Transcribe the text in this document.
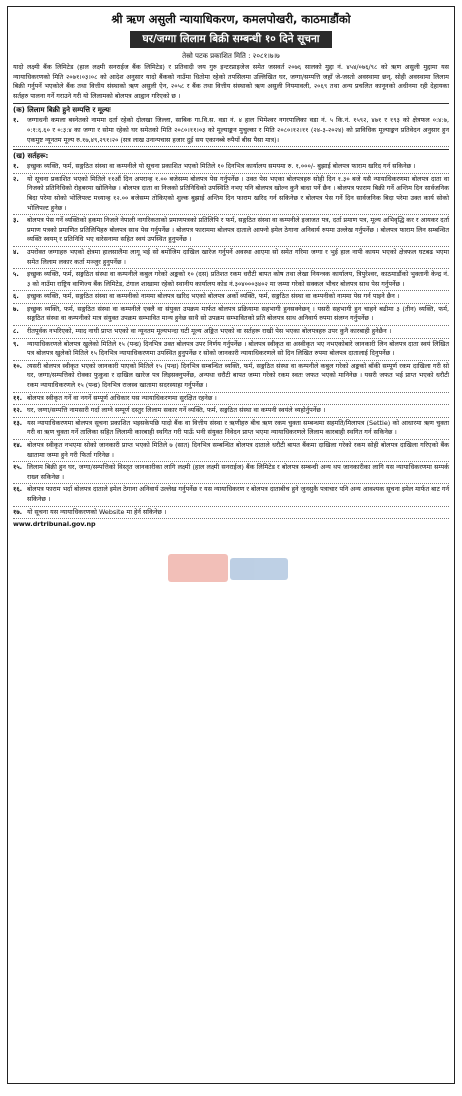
श्री ऋण असुली न्यायाधिकरण, कमलपोखरी, काठमाडौंको
घर/जग्गा लिलाम बिक्री सम्बन्धी १० दिने सूचना
तेस्रो पटक प्रकाशित मिति : २०८१।७।७

यादो लक्ष्मी बैंक लिमिटेड (हाल लक्ष्मी सनराईज बैंक लिमिटेड) र प्रतिवादी जय गुरु इन्टरप्राइजेज समेत जसवर्त २०७६ सालको मुद्दा नं. ४५४/०७६/९८ को ऋण असुली मुद्दामा यस न्यायाधिकरणको मिति २०७१।०३।०८ को आदेश अनुसार यादो बैंकको नाउँमा धितोमा रहेको तपसिलमा उल्लिखित घर, जग्गा/सम्पत्ति जहाँ जे-जस्तो अवस्थामा छन्, सोही अवस्थामा लिलाम बिक्री गर्नुपर्ने भएकोले बैंक तथा वित्तीय संस्थाको ऋण असुली ऐन, २०५८ र बैंक तथा वित्तीय संस्थाको ऋण असुली नियमावली, २०६९ तथा अन्य प्रचलित कानूनको अधीनमा रही देहायका सर्तहरु पालना गर्ने गराउने गरी यो लिलामको बोलपत्र आह्वान गरिएको छ ।

(क) लिलाम बिक्री हुने सम्पत्ति र मूल्यः
१.	जग्गाधनी कमला बस्नेतको नाममा दर्ता रहेको दोलखा जिल्ला, साबिक गा.वि.स. वडा नं. ४ हाल भिमेश्वर नगरपालिका वडा नं. ५ कि.नं. १५९२, ४७१ र १९३ को क्षेत्रफल ०:४:७, ०:१:६.६० र ०:३:४ का जग्गा र सोमा रहेको घर समेतको मिति २०८०।११।०३ को मूल्याङ्कन मुचुल्का र मिति २०८०।१२।११ (२४-३-२०२४) को प्राविधिक मूल्याङ्कन प्रतिवेदन अनुसार हुन एकमुष्ट न्यूनतम मूल्य रु.१७,४९,२९१।२० (सत्र लाख उनान्पचास हजार दुई सय एकानब्बे रुपैयाँ बीस पैसा मात्र)।
(ख) सर्तहरू:
१.	इच्छुक व्यक्ति, फर्म, सङ्गठित संस्था वा कम्पनीले यो सूचना प्रकाशित भएको मितिले १० दिनभित्र कार्यालय समयमा रु. १,०००/- बुझाई बोलपत्र फाराम खरिद गर्न सकिनेछ ।
२.	यो सूचना प्रकाशित भएको मितिले ११औं दिन अपरान्ह १.०० बजेसम्म बोलपत्र पेस गर्नुपर्नेछ । उक्त पेस भएका बोलपत्रहरु सोही दिन १.३० बजे यसै न्यायाधिकरणमा बोलपत्र दाता वा निजको प्रतिनिधिको रोहबरमा खोलिनेछ । बोलपत्र दाता वा निजको प्रतिनिधिको उपस्थिति नभए पनि बोलपत्र खोल्न कुनै बाधा पर्ने छैन । बोलपत्र फाराम बिक्री गर्ने अन्तिम दिन सार्वजनिक बिदा परेमा सोको भोलिपल्ट मध्यान्ह १२.०० बजेसम्म तोकिएको शुल्क बुझाई अन्तिम दिन फाराम खरिद गर्न सकिनेछ र बोलपत्र पेस गर्ने दिन सार्वजनिक बिदा परेमा उक्त कार्य सोको भोलिपल्ट हुनेछ ।
३.	बोलपत्र पेस गर्ने व्यक्तिको हकमा निजले नेपाली नागरिकताको प्रमाणपत्रको प्रतिलिपि र फर्म, सङ्गठित संस्था वा कम्पनीले इजाजत पत्र, दर्ता प्रमाण पत्र, मूल्य अभिवृद्धि कर र आयकर दर्ता प्रमाण पत्रको प्रमाणित प्रतिलिपिहरु बोलपत्र साथ पेस गर्नुपर्नेछ । बोलपत्र फाराममा बोलपत्र दाताले आफ्नो इमेल ठेगाना अनिवार्य रुपमा उल्लेख गर्नुपर्नेछ । बोलपत्र फाराम लिन सम्बन्धित व्यक्ति स्वयम् र प्रतिनिधि भए वारेसनामा सहित स्वयं उपस्थित हुनुपर्नेछ ।
४.	उपरोक्त जग्गाहरु भएको क्षेत्रमा हालसालैमा लागू भई सो बमोजिम दाखिल खारेज गर्नुपर्ने अवस्था आएमा सो समेत गरिमा जग्गा र भुई हाल नापी कायम भएको क्षेत्रफल घटबढ भएमा समेत लिलाम लकार कर्ता मञ्जुर हुनुपर्नेछ ।
५.	इच्छुक व्यक्ति, फर्म, सङ्गठित संस्था वा कम्पनीले कबुल गरेको अङ्कको १० (दस) प्रतिशत रकम धरौटी बापत कोष तथा लेखा नियन्त्रक कार्यालय, त्रिपुरेश्वर, काठमाडौंको भुक्तानी केन्द्र नं. ३ को नाउँमा राष्ट्रिय वाणिज्य बैंक लिमिटेड, टंगाल शाखामा रहेको स्थानीय कार्यालय कोड नं.३०४०००३४०२ मा जम्मा गरेको सक्कल भौचर बोलपत्र साथ पेस गर्नुपर्नेछ ।
६.	इच्छुक व्यक्ति, फर्म, सङ्गठित संस्था वा कम्पनीको नाममा बोलपत्र खरिद भएको बोलपत्र अर्को व्यक्ति, फर्म, सङ्गठित संस्था वा कम्पनीको नाममा पेस गर्न पाइने छैन ।
७.	इच्छुक व्यक्ति, फर्म, सङ्गठित संस्था वा कम्पनीले एक्लै वा संयुक्त उपक्रम मार्फत बोलपत्र प्रक्रियामा सहभागी हुनसक्नेछन् । यसरी सहभागी हुन चाहने बढीमा ३ (तीन) व्यक्ति, फर्म, सङ्गठित संस्था वा कम्पनीको मात्र संयुक्त उपक्रम सम्भावित मान्य हुनेछ साथै सो उपक्रम सम्भावितको प्रति बोलपत्र साथ अनिवार्य रुपमा संलग्न गर्नुपर्नेछ ।
८.	रीतपूर्वक नभरिएको, म्याद नाघी प्राप्त भएको वा न्यूनतम मूल्यभन्दा घटी मूल्य अङ्कित भएको वा सर्तहरू राखी पेस भएका बोलपत्रहरु उपर कुनै कारबाही हुनेछैन ।
९.	न्यायाधिकरणले बोलपत्र खुलेको मितिले १५ (पन्ध्र) दिनभित्र उक्त बोलपत्र उपर निर्णय गर्नुपर्नेछ । बोलपत्र स्वीकृत वा अस्वीकृत भए नभएकोबारे जानकारी लिन बोलपत्र दाता स्वयं लिखित पत्र बोलपत्र खुलेको मितिले १५ दिनभित्र न्यायाधिकरणमा उपस्थित हुनुपर्नेछ र सोको जानकारी न्यायाधिकरणले सो दिन लिखित रुपमा बोलपत्र दातालाई दिनुपर्नेछ ।
१०. त्यसरी बोलपत्र स्वीकृत भएको जानकारी पाएको मितिले १५ (पन्ध्र) दिनभित्र सम्बन्धित व्यक्ति, फर्म, सङ्गठित संस्था वा कम्पनीले कबुल गरेको अङ्कको बाँकी सम्पूर्ण रकम दाखिला गरी सो घर, जग्गा/सम्पत्तिको रोक्का फुकुवा र दाखिल खारेज पत्र लिइसक्नुपर्नेछ, अन्यथा धरौटी बापत जम्मा गरेको रकम स्वतः जफत भएको मानिनेछ । यसरी जफत भई प्राप्त भएको धरौटी रकम न्यायाधिकरणले १५ (पन्ध्र) दिनभित्र राजस्व खातामा सदरस्याहा गर्नुपर्नेछ ।
११. बोलपत्र स्वीकृत गर्ने वा नगर्ने सम्पूर्ण अधिकार यस न्यायाधिकरणमा सुरक्षित रहनेछ ।
१२. घर, जग्गा/सम्पत्ति नामसारी गर्दा लाग्ने सम्पूर्ण दस्तुर लिलाम सकार गर्ने व्यक्ति, फर्म, सङ्गठित संस्था वा कम्पनी स्वयंले व्यहोर्नुपर्नेछ ।
१३. यस न्यायाधिकरणमा बोलपत्र सूचना प्रकाशित भइसकेपछि यादो बैंक वा वित्तीय संस्था र ऋणीहरु बीच ऋण रकम चुक्ता सम्बन्धमा सहमति/मिलापत्र (Settle) को आधारमा ऋण चुक्ता गरी वा ऋण चुक्ता गर्ने तालिका सहित लिलामी कारबाही स्थगित गरी पाऊँ भनी संयुक्त निवेदन प्राप्त भएमा न्यायाधिकरणले लिलाम कारबाही स्थगित गर्न सकिनेछ ।
१४. बोलपत्र स्वीकृत नभएमा सोको जानकारी प्राप्त भएको मितिले ७ (सात) दिनभित्र सम्बन्धित बोलपत्र दाताले धरौटी बापत बैंकमा दाखिला गरेको रकम सोही बोलपत्र दाखिला गरिएको बैंक खातामा जम्मा हुने गरी फिर्ता गरिनेछ ।
१५. लिलाम बिक्री हुन घर, जग्गा/सम्पत्तिको विस्तृत जानकारीका लागि लक्ष्मी (हाल लक्ष्मी सनराईज) बैंक लिमिटेड र बोलपत्र सम्बन्धी अन्य थप जानकारीका लागि यस न्यायाधिकरणमा सम्पर्क राख्न सकिनेछ ।
१६. बोलपत्र फाराम भर्दा बोलपत्र दाताले इमेल ठेगाना अनिवार्य उल्लेख गर्नुपर्नेछ र यस न्यायाधिकरण र बोलपत्र दाताबीच हुने जुनसुकै पत्राचार पनि अन्य आवश्यक सूचना इमेल मार्फत बाट गर्न सकिनेछ ।
१७. यो सूचना यस न्यायाधिकरणको Website मा हेर्न सकिनेछ ।
www.drtribunal.gov.np
